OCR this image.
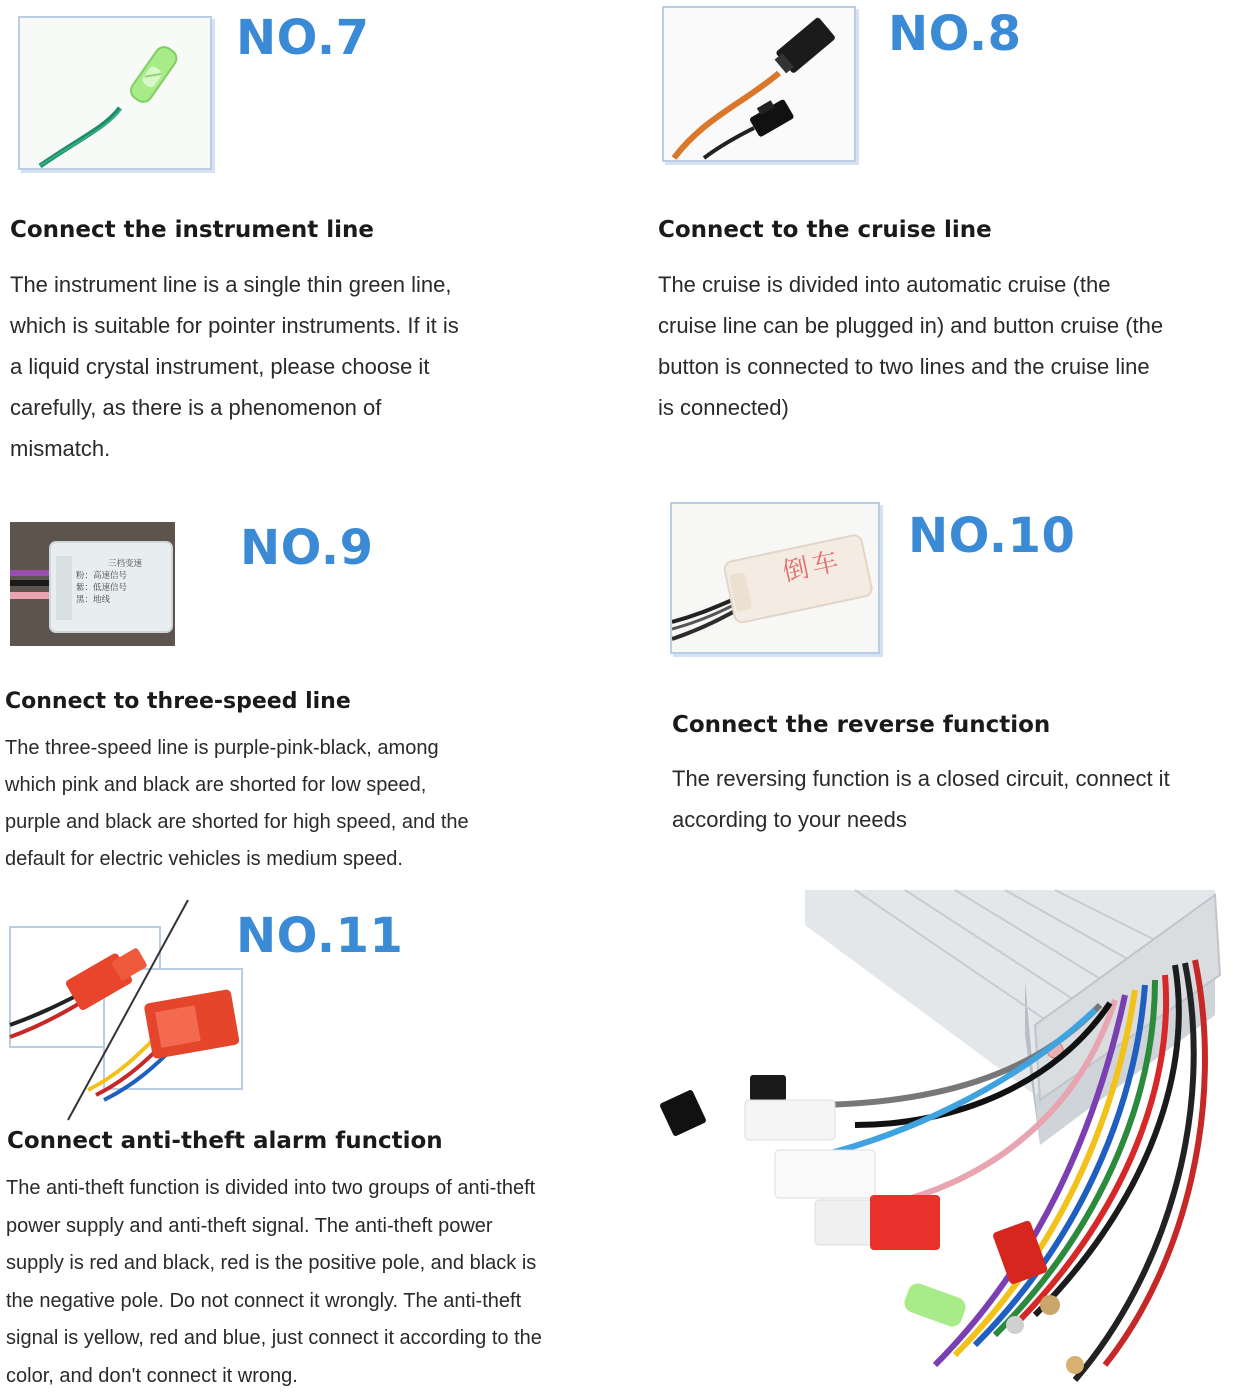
NO.7
Connect the instrument line
The instrument line is a single thin green line,
which is suitable for pointer instruments. If it is
a liquid crystal instrument, please choose it
carefully, as there is a phenomenon of
mismatch.
NO.8
Connect to the cruise line
The cruise is divided into automatic cruise (the
cruise line can be plugged in) and button cruise (the
button is connected to two lines and the cruise line
is connected)
三档变速
粉：高速信号
紫：低速信号
黑：地线
NO.9
Connect to three-speed line
The three-speed line is purple-pink-black, among
which pink and black are shorted for low speed,
purple and black are shorted for high speed, and the
default for electric vehicles is medium speed.
倒车
NO.10
Connect the reverse function
The reversing function is a closed circuit, connect it
according to your needs
NO.11
Connect anti-theft alarm function
The anti-theft function is divided into two groups of anti-theft
power supply and anti-theft signal. The anti-theft power
supply is red and black, red is the positive pole, and black is
the negative pole. Do not connect it wrongly. The anti-theft
signal is yellow, red and blue, just connect it according to the
color, and don't connect it wrong.
